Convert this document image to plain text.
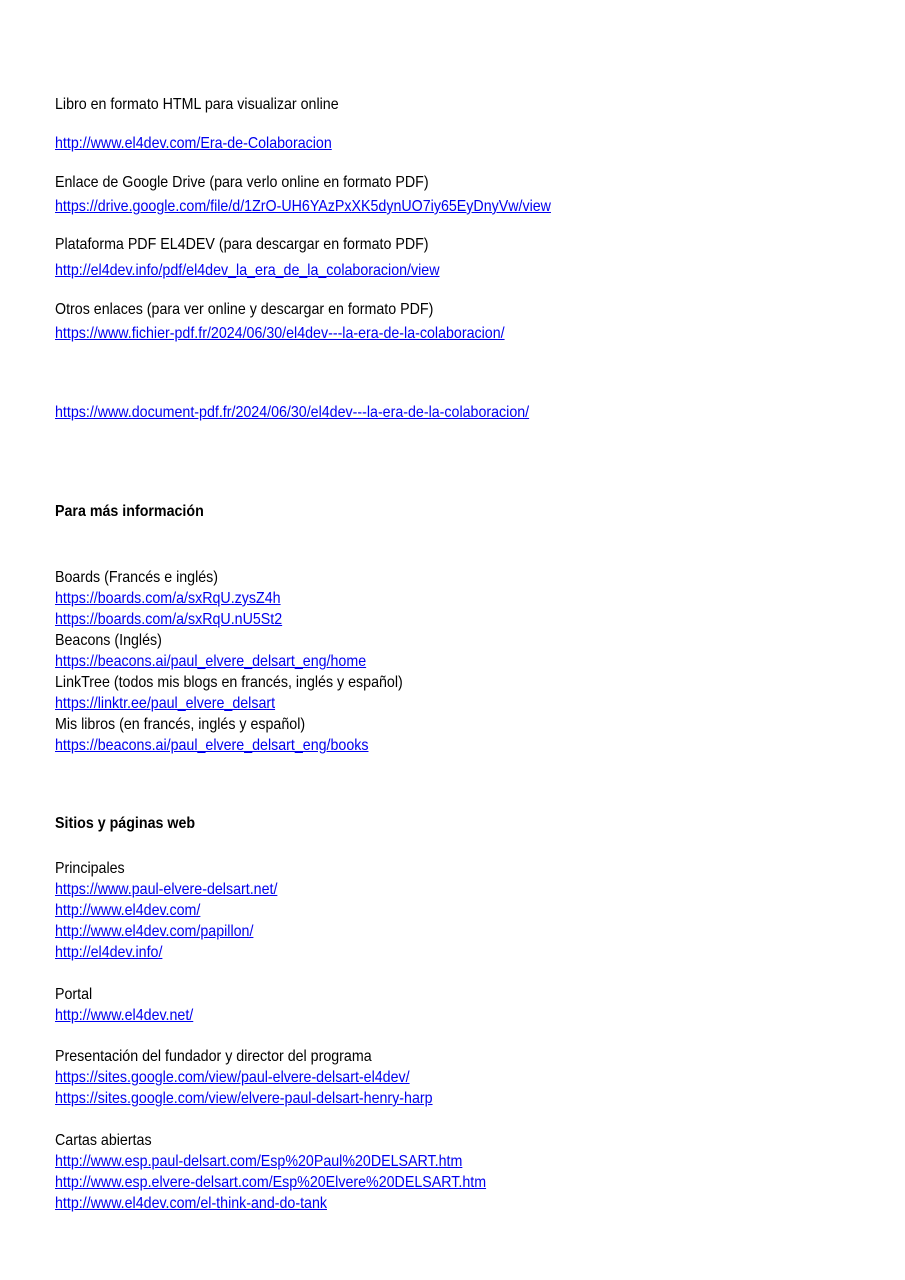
Libro en formato HTML para visualizar online
http://www.el4dev.com/Era-de-Colaboracion
Enlace de Google Drive (para verlo online en formato PDF)
https://drive.google.com/file/d/1ZrO-UH6YAzPxXK5dynUO7iy65EyDnyVw/view
Plataforma PDF EL4DEV (para descargar en formato PDF)
http://el4dev.info/pdf/el4dev_la_era_de_la_colaboracion/view
Otros enlaces (para ver online y descargar en formato PDF)
https://www.fichier-pdf.fr/2024/06/30/el4dev---la-era-de-la-colaboracion/
https://www.document-pdf.fr/2024/06/30/el4dev---la-era-de-la-colaboracion/
Para más información
Boards (Francés e inglés)
https://boards.com/a/sxRqU.zysZ4h
https://boards.com/a/sxRqU.nU5St2
Beacons (Inglés)
https://beacons.ai/paul_elvere_delsart_eng/home
LinkTree (todos mis blogs en francés, inglés y español)
https://linktr.ee/paul_elvere_delsart
Mis libros (en francés, inglés y español)
https://beacons.ai/paul_elvere_delsart_eng/books
Sitios y páginas web
Principales
https://www.paul-elvere-delsart.net/
http://www.el4dev.com/
http://www.el4dev.com/papillon/
http://el4dev.info/
Portal
http://www.el4dev.net/
Presentación del fundador y director del programa
https://sites.google.com/view/paul-elvere-delsart-el4dev/
https://sites.google.com/view/elvere-paul-delsart-henry-harp
Cartas abiertas
http://www.esp.paul-delsart.com/Esp%20Paul%20DELSART.htm
http://www.esp.elvere-delsart.com/Esp%20Elvere%20DELSART.htm
http://www.el4dev.com/el-think-and-do-tank
